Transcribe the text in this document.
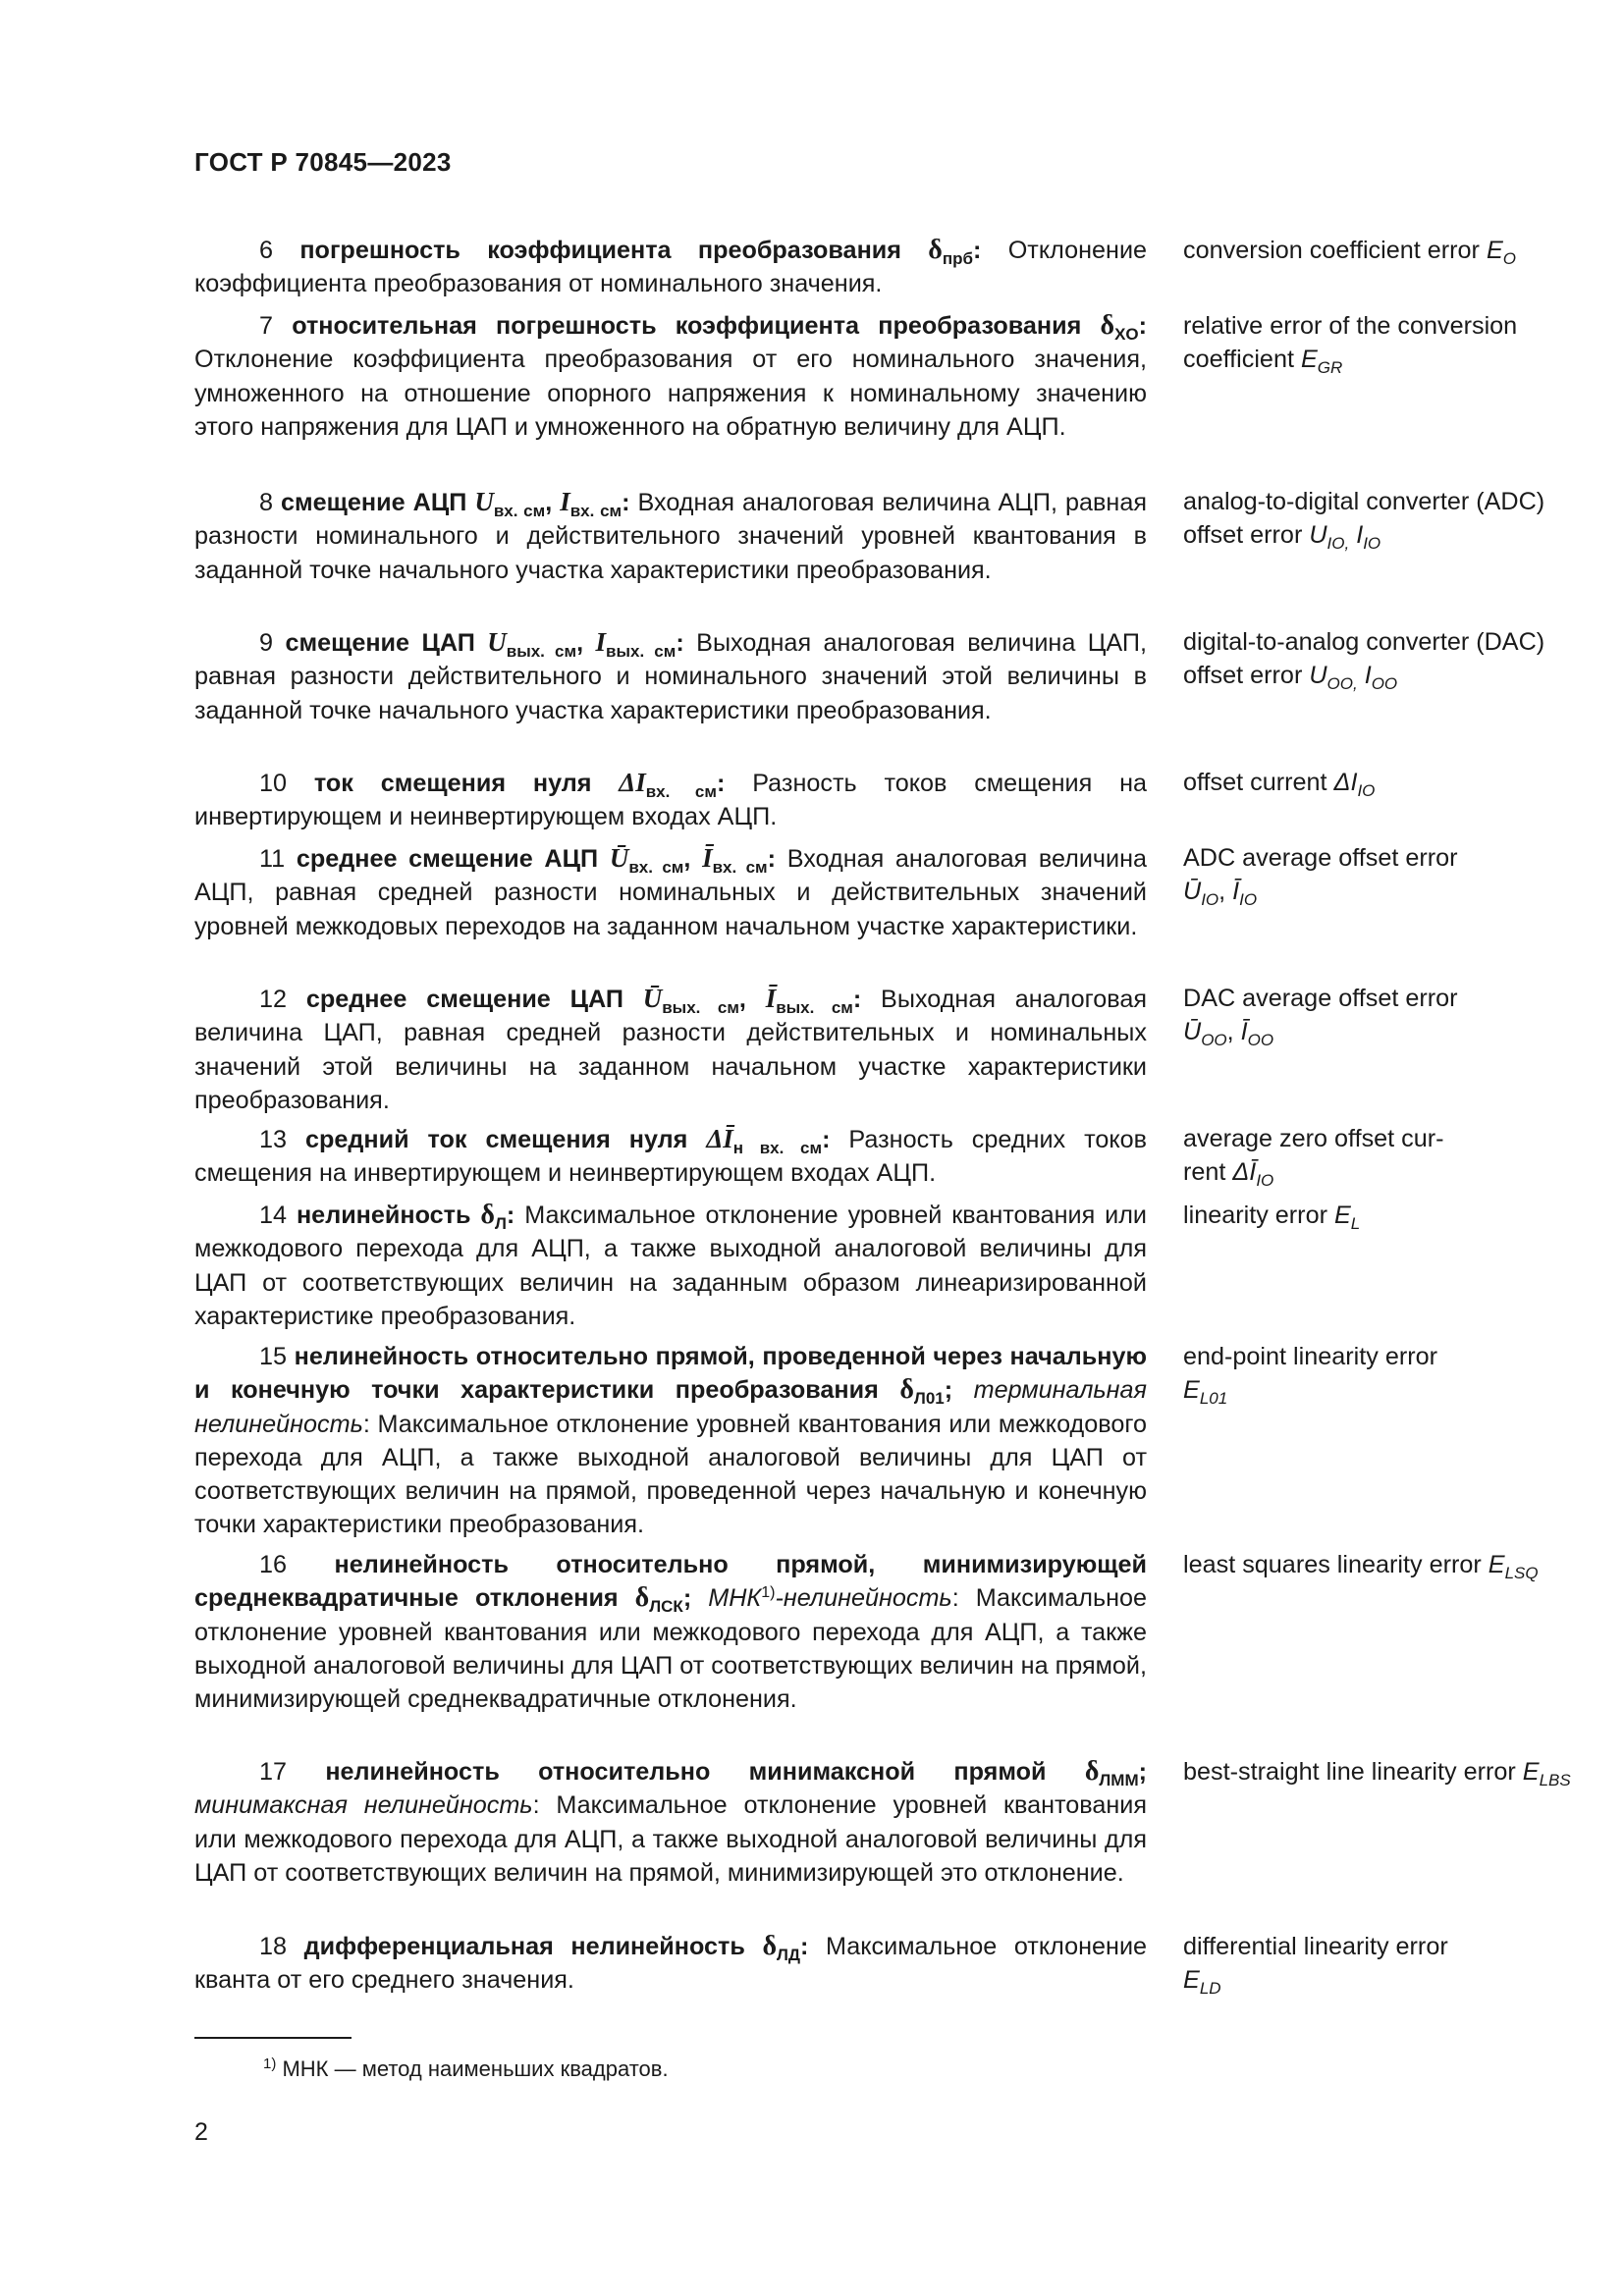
ГОСТ Р 70845—2023
6 погрешность коэффициента преобразования $\delta_{прб}$: Отклонение коэффициента преобразования от номинального значения.
conversion coefficient error $E_O$
7 относительная погрешность коэффициента преобразования $\delta_{XO}$: Отклонение коэффициента преобразования от его номинального значения, умноженного на отношение опорного напряжения к номинальному значению этого напряжения для ЦАП и умноженного на обратную величину для АЦП.
relative error of the conversion coefficient $E_{GR}$
8 смещение АЦП $U_{вх. см}$, $I_{вх. см}$: Входная аналоговая величина АЦП, равная разности номинального и действительного значений уровней квантования в заданной точке начального участка характеристики преобразования.
analog-to-digital converter (ADC) offset error $U_{IO,}$ $I_{IO}$
9 смещение ЦАП $U_{вых. см}$, $I_{вых. см}$: Выходная аналоговая величина ЦАП, равная разности действительного и номинального значений этой величины в заданной точке начального участка характеристики преобразования.
digital-to-analog converter (DAC) offset error $U_{OO,}$ $I_{OO}$
10 ток смещения нуля $\Delta I_{вх. см}$: Разность токов смещения на инвертирующем и неинвертирующем входах АЦП.
offset current $\Delta I_{IO}$
11 среднее смещение АЦП $Ū_{вх. см}$, $Ī_{вх. см}$: Входная аналоговая величина АЦП, равная средней разности номинальных и действительных значений уровней межкодовых переходов на заданном начальном участке характеристики.
ADC average offset error
$Ū_{IO}$, $Ī_{IO}$
12 среднее смещение ЦАП $Ū_{вых. см}$, $Ī_{вых. см}$: Выходная аналоговая величина ЦАП, равная средней разности действительных и номинальных значений этой величины на заданном начальном участке характеристики преобразования.
DAC average offset error
$Ū_{OO}$, $Ī_{OO}$
13 средний ток смещения нуля $\Delta Ī_{н вх. см}$: Разность средних токов смещения на инвертирующем и неинвертирующем входах АЦП.
average zero offset cur-
rent $\Delta Ī_{IO}$
14 нелинейность $\delta_Л$: Максимальное отклонение уровней квантования или межкодового перехода для АЦП, а также выходной аналоговой величины для ЦАП от соответствующих величин на заданным образом линеаризированной характеристике преобразования.
linearity error $E_L$
15 нелинейность относительно прямой, проведенной через начальную и конечную точки характеристики преобразования $\delta_{Л01}$; терминальная нелинейность: Максимальное отклонение уровней квантования или межкодового перехода для АЦП, а также выходной аналоговой величины для ЦАП от соответствующих величин на прямой, проведенной через начальную и конечную точки характеристики преобразования.
end-point linearity error
$E_{L01}$
16 нелинейность относительно прямой, минимизирующей среднеквадратичные отклонения $\delta_{ЛСК}$; МНК$^{1)}$-нелинейность: Максимальное отклонение уровней квантования или межкодового перехода для АЦП, а также выходной аналоговой величины для ЦАП от соответствующих величин на прямой, минимизирующей среднеквадратичные отклонения.
least squares linearity error $E_{LSQ}$
17 нелинейность относительно минимаксной прямой $\delta_{ЛММ}$; минимаксная нелинейность: Максимальное отклонение уровней квантования или межкодового перехода для АЦП, а также выходной аналоговой величины для ЦАП от соответствующих величин на прямой, минимизирующей это отклонение.
best-straight line linearity error $E_{LBS}$
18 дифференциальная нелинейность $\delta_{ЛД}$: Максимальное отклонение кванта от его среднего значения.
differential linearity error
$E_{LD}$
$^{1)}$ МНК — метод наименьших квадратов.
2
